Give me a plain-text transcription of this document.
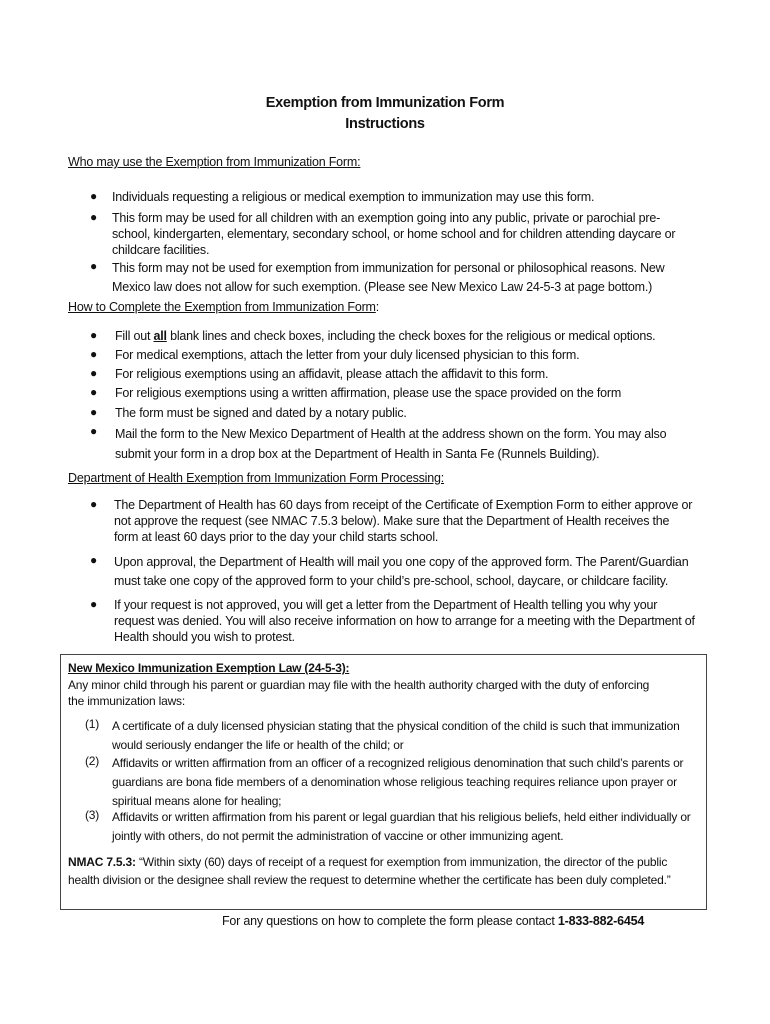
Exemption from Immunization Form
Instructions
Who may use the Exemption from Immunization Form:
● Individuals requesting a religious or medical exemption to immunization may use this form.
● This form may be used for all children with an exemption going into any public, private or parochial pre-school, kindergarten, elementary, secondary school, or home school and for children attending daycare or childcare facilities.
● This form may not be used for exemption from immunization for personal or philosophical reasons. New Mexico law does not allow for such exemption. (Please see New Mexico Law 24-5-3 at page bottom.)
How to Complete the Exemption from Immunization Form:
● Fill out all blank lines and check boxes, including the check boxes for the religious or medical options.
● For medical exemptions, attach the letter from your duly licensed physician to this form.
● For religious exemptions using an affidavit, please attach the affidavit to this form.
● For religious exemptions using a written affirmation, please use the space provided on the form
● The form must be signed and dated by a notary public.
● Mail the form to the New Mexico Department of Health at the address shown on the form. You may also submit your form in a drop box at the Department of Health in Santa Fe (Runnels Building).
Department of Health Exemption from Immunization Form Processing:
● The Department of Health has 60 days from receipt of the Certificate of Exemption Form to either approve or not approve the request (see NMAC 7.5.3 below). Make sure that the Department of Health receives the form at least 60 days prior to the day your child starts school.
● Upon approval, the Department of Health will mail you one copy of the approved form. The Parent/Guardian must take one copy of the approved form to your child’s pre-school, school, daycare, or childcare facility.
● If your request is not approved, you will get a letter from the Department of Health telling you why your request was denied. You will also receive information on how to arrange for a meeting with the Department of Health should you wish to protest.
New Mexico Immunization Exemption Law (24-5-3):
Any minor child through his parent or guardian may file with the health authority charged with the duty of enforcing the immunization laws:
(1) A certificate of a duly licensed physician stating that the physical condition of the child is such that immunization would seriously endanger the life or health of the child; or
(2) Affidavits or written affirmation from an officer of a recognized religious denomination that such child’s parents or guardians are bona fide members of a denomination whose religious teaching requires reliance upon prayer or spiritual means alone for healing;
(3) Affidavits or written affirmation from his parent or legal guardian that his religious beliefs, held either individually or jointly with others, do not permit the administration of vaccine or other immunizing agent.
NMAC 7.5.3: “Within sixty (60) days of receipt of a request for exemption from immunization, the director of the public health division or the designee shall review the request to determine whether the certificate has been duly completed.”
For any questions on how to complete the form please contact 1-833-882-6454
